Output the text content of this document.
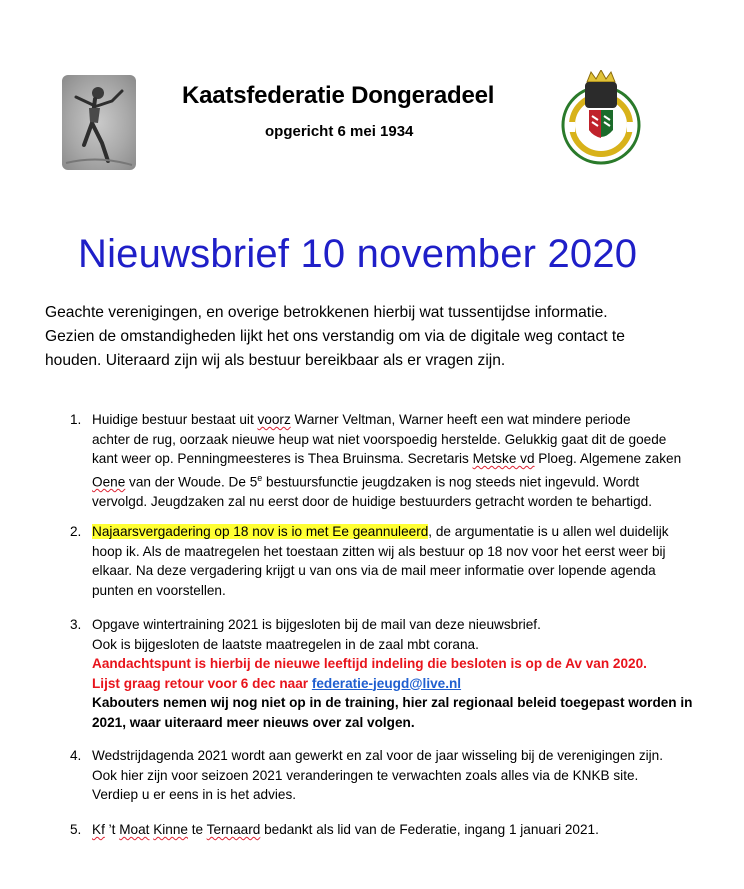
Kaatsfederatie Dongeradeel
opgericht 6 mei 1934
Nieuwsbrief 10 november 2020
Geachte verenigingen, en overige betrokkenen hierbij wat tussentijdse informatie.
Gezien de omstandigheden lijkt het ons verstandig om via de digitale weg contact te
houden. Uiteraard zijn wij als bestuur bereikbaar als er vragen zijn.
1. Huidige bestuur bestaat uit voorz Warner Veltman, Warner heeft een wat mindere periode
achter de rug, oorzaak nieuwe heup wat niet voorspoedig herstelde. Gelukkig gaat dit de goede
kant weer op. Penningmeesteres is Thea Bruinsma. Secretaris Metske vd Ploeg. Algemene zaken
Oene van der Woude. De 5e bestuursfunctie jeugdzaken is nog steeds niet ingevuld. Wordt
vervolgd. Jeugdzaken zal nu eerst door de huidige bestuurders getracht worden te behartigd.
2. Najaarsvergadering op 18 nov is io met Ee geannuleerd, de argumentatie is u allen wel duidelijk
hoop ik. Als de maatregelen het toestaan zitten wij als bestuur op 18 nov voor het eerst weer bij
elkaar. Na deze vergadering krijgt u van ons via de mail meer informatie over lopende agenda
punten en voorstellen.
3. Opgave wintertraining 2021 is bijgesloten bij de mail van deze nieuwsbrief.
Ook is bijgesloten de laatste maatregelen in de zaal mbt corana.
Aandachtspunt is hierbij de nieuwe leeftijd indeling die besloten is op de Av van 2020.
Lijst graag retour voor 6 dec naar federatie-jeugd@live.nl
Kabouters nemen wij nog niet op in de training, hier zal regionaal beleid toegepast worden in
2021, waar uiteraard meer nieuws over zal volgen.
4. Wedstrijdagenda 2021 wordt aan gewerkt en zal voor de jaar wisseling bij de verenigingen zijn.
Ook hier zijn voor seizoen 2021 veranderingen te verwachten zoals alles via de KNKB site.
Verdiep u er eens in is het advies.
5. Kf ’t Moat Kinne te Ternaard bedankt als lid van de Federatie, ingang 1 januari 2021.
